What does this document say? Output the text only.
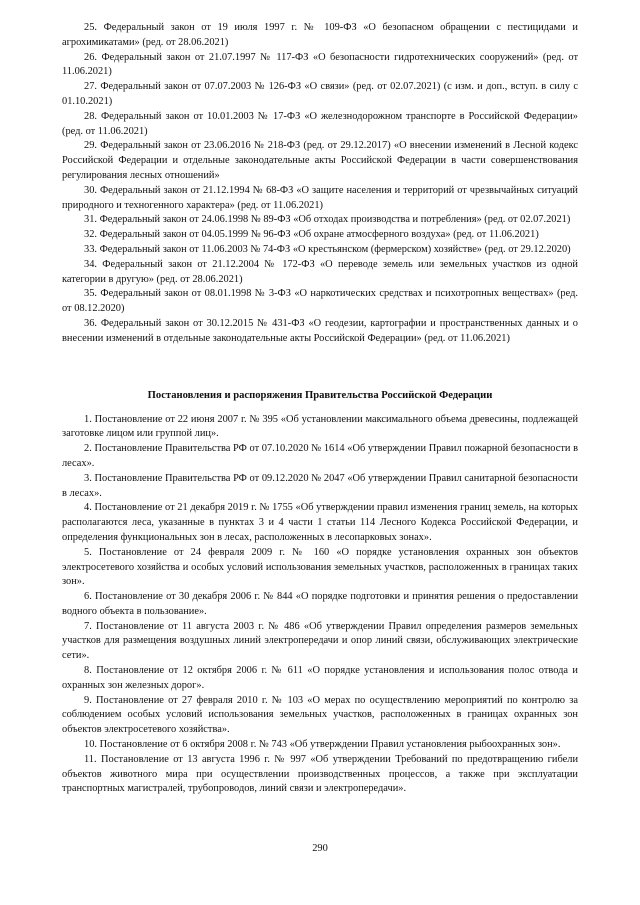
25. Федеральный закон от 19 июля 1997 г. № 109-ФЗ «О безопасном обращении с пестицидами и агрохимикатами» (ред. от 28.06.2021)

26. Федеральный закон от 21.07.1997 № 117-ФЗ «О безопасности гидротехнических сооружений» (ред. от 11.06.2021)

27. Федеральный закон от 07.07.2003 № 126-ФЗ «О связи» (ред. от 02.07.2021) (с изм. и доп., вступ. в силу с 01.10.2021)

28. Федеральный закон от 10.01.2003 № 17-ФЗ «О железнодорожном транспорте в Российской Федерации» (ред. от 11.06.2021)

29. Федеральный закон от 23.06.2016 № 218-ФЗ (ред. от 29.12.2017) «О внесении изменений в Лесной кодекс Российской Федерации и отдельные законодательные акты Российской Федерации в части совершенствования регулирования лесных отношений»

30. Федеральный закон от 21.12.1994 № 68-ФЗ «О защите населения и территорий от чрезвычайных ситуаций природного и техногенного характера» (ред. от 11.06.2021)

31. Федеральный закон от 24.06.1998 № 89-ФЗ «Об отходах производства и потребления» (ред. от 02.07.2021)

32. Федеральный закон от 04.05.1999 № 96-ФЗ «Об охране атмосферного воздуха» (ред. от 11.06.2021)

33. Федеральный закон от 11.06.2003 № 74-ФЗ «О крестьянском (фермерском) хозяйстве» (ред. от 29.12.2020)

34. Федеральный закон от 21.12.2004 № 172-ФЗ «О переводе земель или земельных участков из одной категории в другую» (ред. от 28.06.2021)

35. Федеральный закон от 08.01.1998 № 3-ФЗ «О наркотических средствах и психотропных веществах» (ред. от 08.12.2020)

36. Федеральный закон от 30.12.2015 № 431-ФЗ «О геодезии, картографии и пространственных данных и о внесении изменений в отдельные законодательные акты Российской Федерации» (ред. от 11.06.2021)

Постановления и распоряжения Правительства Российской Федерации

1. Постановление от 22 июня 2007 г. № 395 «Об установлении максимального объема древесины, подлежащей заготовке лицом или группой лиц».

2. Постановление Правительства РФ от 07.10.2020 № 1614 «Об утверждении Правил пожарной безопасности в лесах».

3. Постановление Правительства РФ от 09.12.2020 № 2047 «Об утверждении Правил санитарной безопасности в лесах».

4. Постановление от 21 декабря 2019 г. № 1755 «Об утверждении правил изменения границ земель, на которых располагаются леса, указанные в пунктах 3 и 4 части 1 статьи 114 Лесного Кодекса Российской Федерации, и определения функциональных зон в лесах, расположенных в лесопарковых зонах».

5. Постановление от 24 февраля 2009 г. № 160 «О порядке установления охранных зон объектов электросетевого хозяйства и особых условий использования земельных участков, расположенных в границах таких зон».

6. Постановление от 30 декабря 2006 г. № 844 «О порядке подготовки и принятия решения о предоставлении водного объекта в пользование».

7. Постановление от 11 августа 2003 г. № 486 «Об утверждении Правил определения размеров земельных участков для размещения воздушных линий электропередачи и опор линий связи, обслуживающих электрические сети».

8. Постановление от 12 октября 2006 г. № 611 «О порядке установления и использования полос отвода и охранных зон железных дорог».

9. Постановление от 27 февраля 2010 г. № 103 «О мерах по осуществлению мероприятий по контролю за соблюдением особых условий использования земельных участков, расположенных в границах охранных зон объектов электросетевого хозяйства».

10. Постановление от 6 октября 2008 г. № 743 «Об утверждении Правил установления рыбоохранных зон».

11. Постановление от 13 августа 1996 г. № 997 «Об утверждении Требований по предотвращению гибели объектов животного мира при осуществлении производственных процессов, а также при эксплуатации транспортных магистралей, трубопроводов, линий связи и электропередачи».

290
